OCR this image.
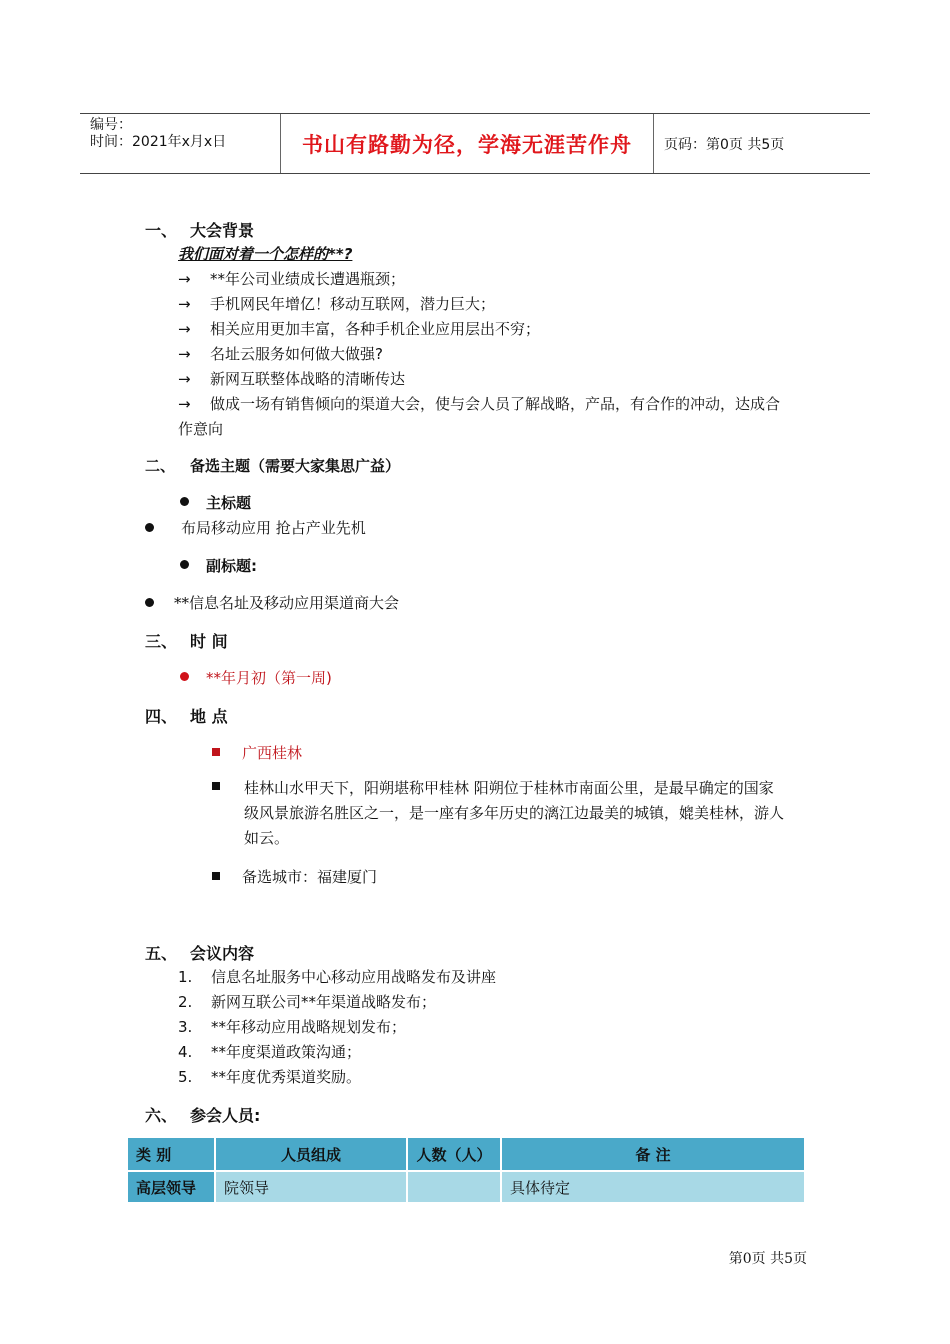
编号：
时间：2021年x月x日	书山有路勤为径，学海无涯苦作舟	页码：第0页 共5页
一、 大会背景
我们面对着一个怎样的**?
→ **年公司业绩成长遭遇瓶颈；
→ 手机网民年增亿！移动互联网，潜力巨大；
→ 相关应用更加丰富，各种手机企业应用层出不穷；
→ 名址云服务如何做大做强?
→ 新网互联整体战略的清晰传达
→ 做成一场有销售倾向的渠道大会，使与会人员了解战略，产品，有合作的冲动，达成合
作意向
二、 备选主题（需要大家集思广益）
主标题
布局移动应用 抢占产业先机
副标题:
**信息名址及移动应用渠道商大会
三、 时 间
**年月初（第一周)
四、 地 点
广西桂林
桂林山水甲天下，阳朔堪称甲桂林 阳朔位于桂林市南面公里，是最早确定的国家
级风景旅游名胜区之一，是一座有多年历史的漓江边最美的城镇，媲美桂林，游人
如云。
备选城市：福建厦门
五、 会议内容
1. 信息名址服务中心移动应用战略发布及讲座
2. 新网互联公司**年渠道战略发布；
3. **年移动应用战略规划发布；
4. **年度渠道政策沟通；
5. **年度优秀渠道奖励。
六、 参会人员:
类 别	人员组成	人数（人）	备 注
高层领导	院领导		具体待定
第0页 共5页
